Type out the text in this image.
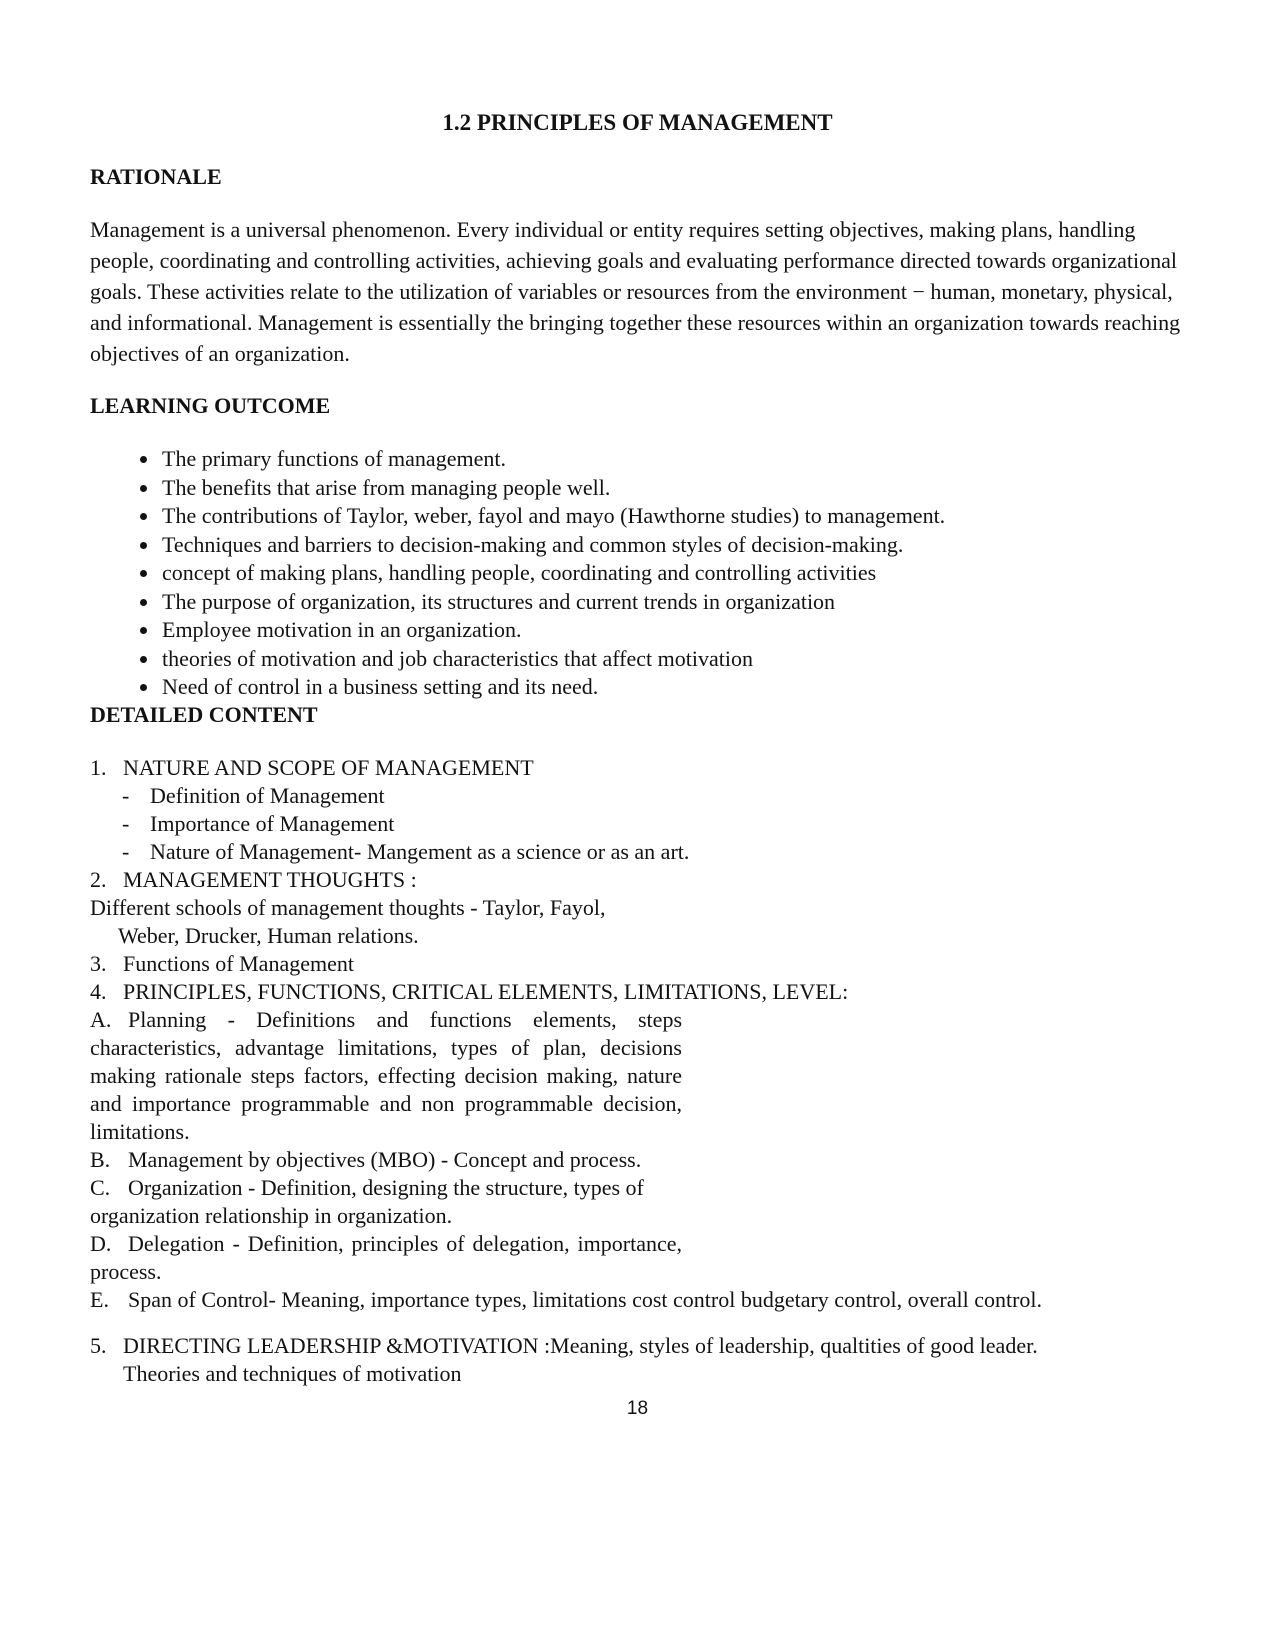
1.2 PRINCIPLES OF MANAGEMENT
RATIONALE

Management is a universal phenomenon. Every individual or entity requires setting objectives, making plans, handling people, coordinating and controlling activities, achieving goals and evaluating performance directed towards organizational goals. These activities relate to the utilization of variables or resources from the environment − human, monetary, physical, and informational. Management is essentially the bringing together these resources within an organization towards reaching objectives of an organization.

LEARNING OUTCOME
• The primary functions of management.
• The benefits that arise from managing people well.
• The contributions of Taylor, weber, fayol and mayo (Hawthorne studies) to management.
• Techniques and barriers to decision-making and common styles of decision-making.
• concept of making plans, handling people, coordinating and controlling activities
• The purpose of organization, its structures and current trends in organization
• Employee motivation in an organization.
• theories of motivation and job characteristics that affect motivation
• Need of control in a business setting and its need.
DETAILED CONTENT
1. NATURE AND SCOPE OF MANAGEMENT
- Definition of Management
- Importance of Management
- Nature of Management- Mangement as a science or as an art.
2. MANAGEMENT THOUGHTS :
Different schools of management thoughts - Taylor, Fayol,
Weber, Drucker, Human relations.
3. Functions of Management
4. PRINCIPLES, FUNCTIONS, CRITICAL ELEMENTS, LIMITATIONS, LEVEL:

A. Planning - Definitions and functions elements, steps characteristics, advantage limitations, types of plan, decisions making rationale steps factors, effecting decision making, nature and importance programmable and non programmable decision, limitations.

B. Management by objectives (MBO) - Concept and process.

C. Organization - Definition, designing the structure, types of organization relationship in organization.

D. Delegation - Definition, principles of delegation, importance, process.

E. Span of Control- Meaning, importance types, limitations cost control budgetary control, overall control.

5. DIRECTING LEADERSHIP &MOTIVATION :Meaning, styles of leadership, qualtities of good leader.
Theories and techniques of motivation
18
